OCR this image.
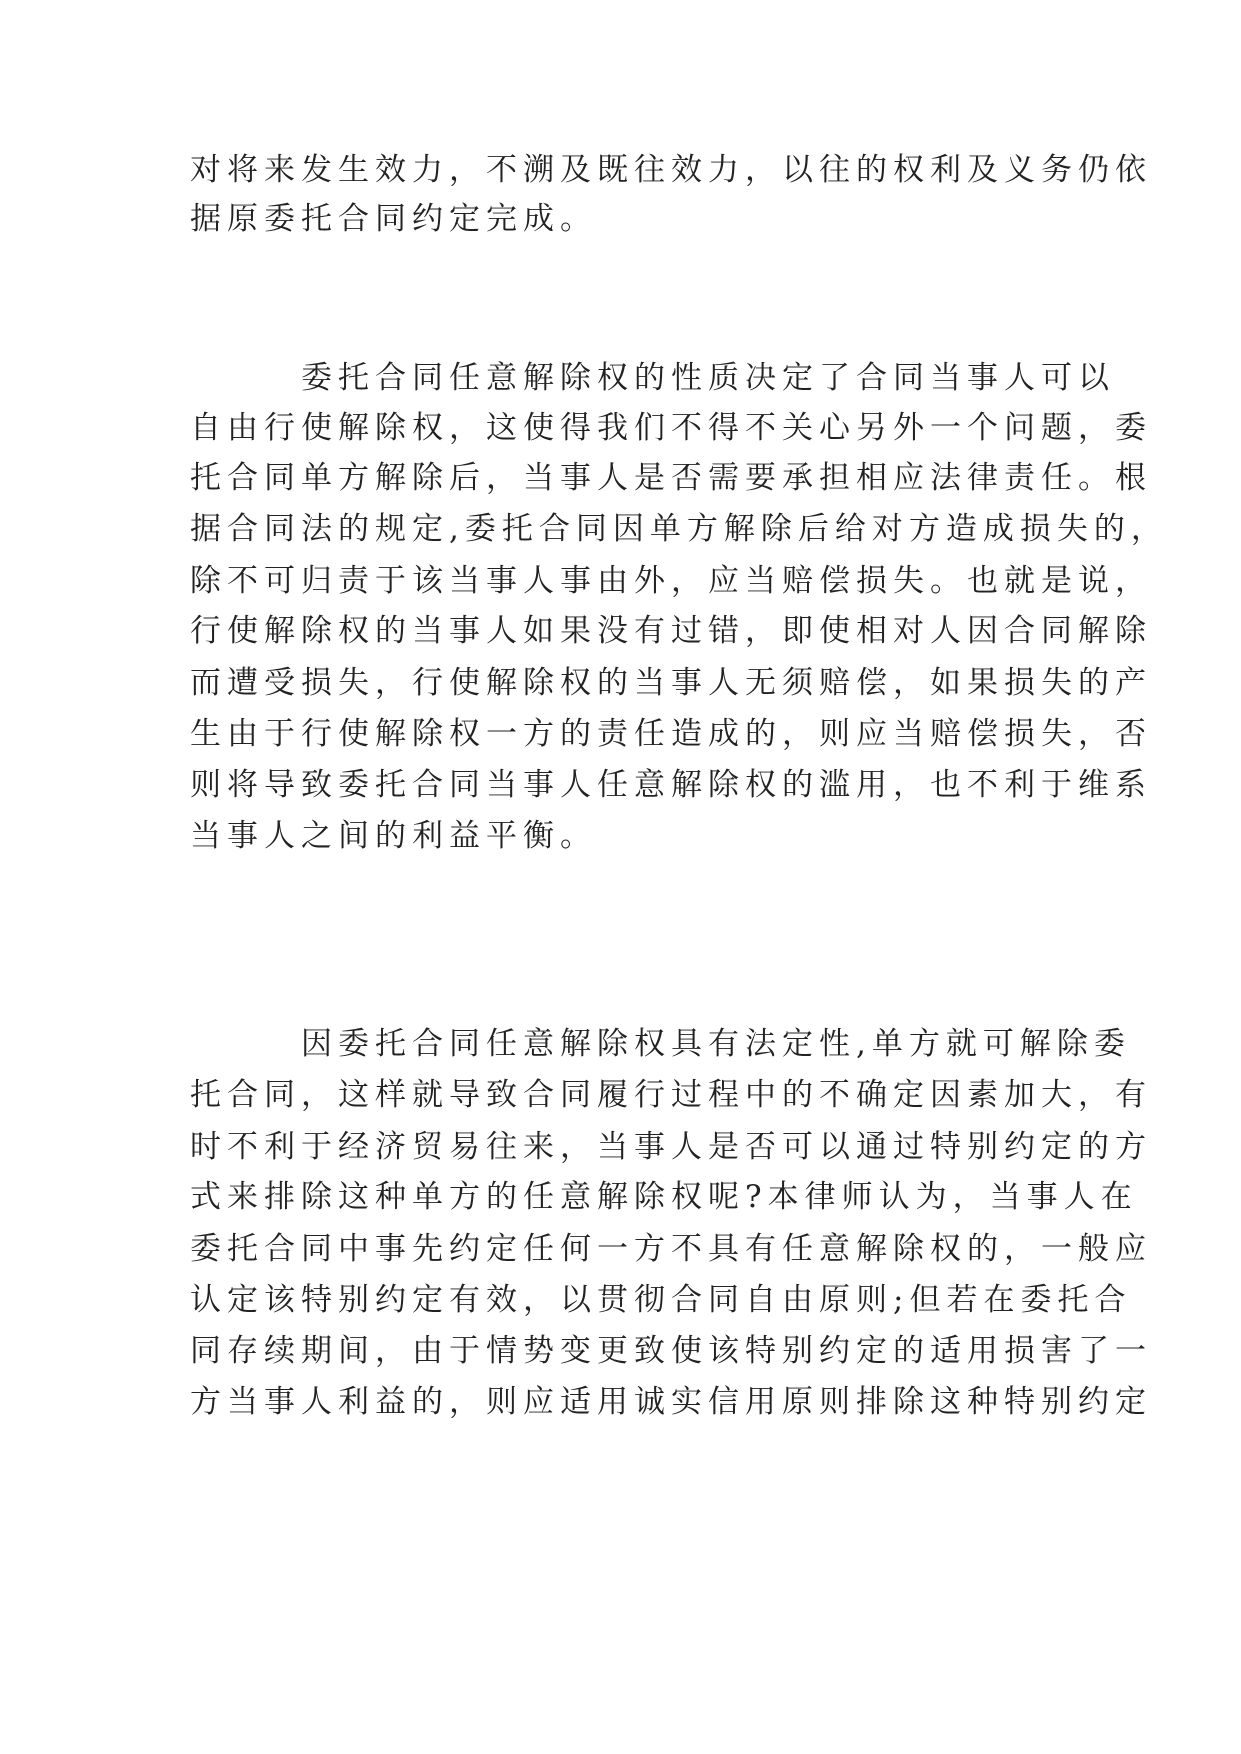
对将来发生效力，不溯及既往效力，以往的权利及义务仍依
据原委托合同约定完成。
委托合同任意解除权的性质决定了合同当事人可以
自由行使解除权，这使得我们不得不关心另外一个问题，委
托合同单方解除后，当事人是否需要承担相应法律责任。根
据合同法的规定,委托合同因单方解除后给对方造成损失的，
除不可归责于该当事人事由外，应当赔偿损失。也就是说，
行使解除权的当事人如果没有过错，即使相对人因合同解除
而遭受损失，行使解除权的当事人无须赔偿，如果损失的产
生由于行使解除权一方的责任造成的，则应当赔偿损失，否
则将导致委托合同当事人任意解除权的滥用，也不利于维系
当事人之间的利益平衡。
因委托合同任意解除权具有法定性,单方就可解除委
托合同，这样就导致合同履行过程中的不确定因素加大，有
时不利于经济贸易往来，当事人是否可以通过特别约定的方
式来排除这种单方的任意解除权呢?本律师认为，当事人在
委托合同中事先约定任何一方不具有任意解除权的，一般应
认定该特别约定有效，以贯彻合同自由原则;但若在委托合
同存续期间，由于情势变更致使该特别约定的适用损害了一
方当事人利益的，则应适用诚实信用原则排除这种特别约定
